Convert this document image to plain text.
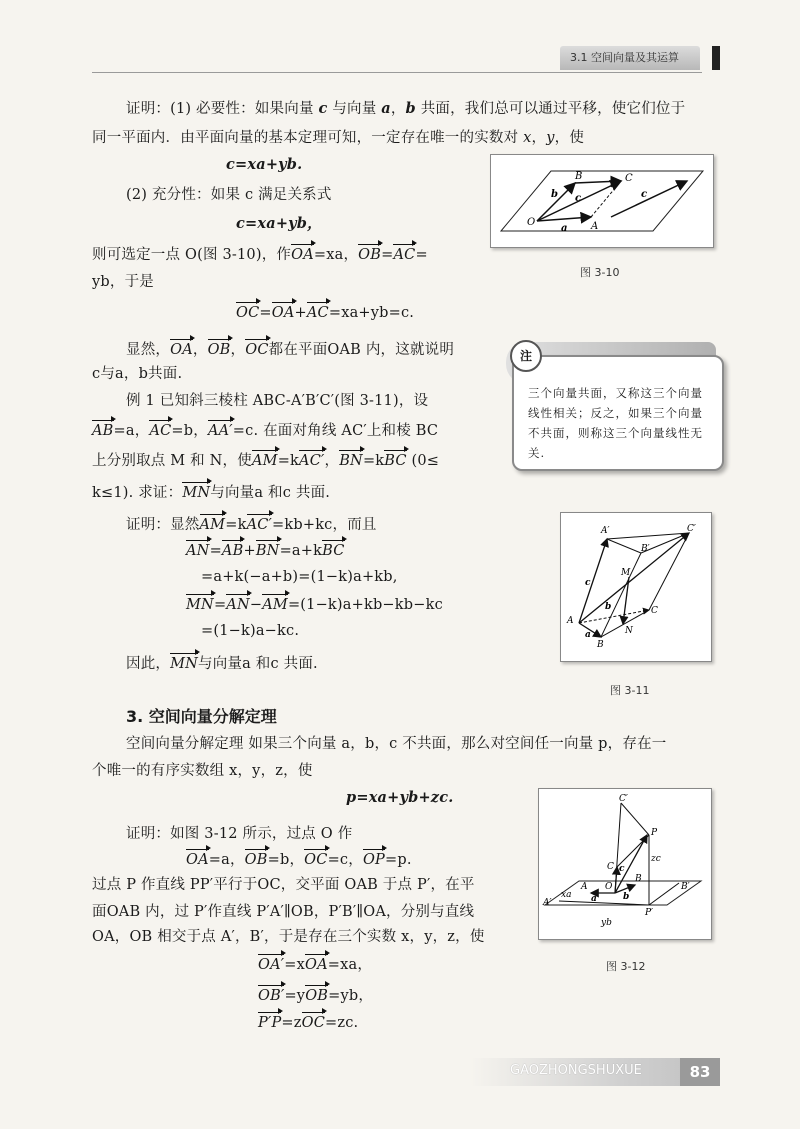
3.1 空间向量及其运算
证明：(1) 必要性：如果向量 c 与向量 a，b 共面，我们总可以通过平移，使它们位于
同一平面内．由平面向量的基本定理可知，一定存在唯一的实数对 x，y，使
c=xa+yb.
(2) 充分性：如果 c 满足关系式
c=xa+yb，
则可选定一点 O(图 3-10)，作OA=xa，OB=AC=
yb，于是
OC=OA+AC=xa+yb=c.
显然，OA，OB，OC都在平面OAB 内，这就说明
c与a，b共面.
例 1 已知斜三棱柱 ABC-A′B′C′(图 3-11)，设
AB=a，AC=b，AA′=c. 在面对角线 AC′上和棱 BC
上分别取点 M 和 N，使AM=kAC′，BN=kBC (0≤
k≤1). 求证：MN与向量a 和c 共面.
证明：显然AM=kAC′=kb+kc，而且
AN=AB+BN=a+kBC
=a+k(−a+b)=(1−k)a+kb,
MN=AN−AM=(1−k)a+kb−kb−kc
=(1−k)a−kc.
因此，MN与向量a 和c 共面.
3. 空间向量分解定理
空间向量分解定理 如果三个向量 a，b，c 不共面，那么对空间任一向量 p，存在一
个唯一的有序实数组 x，y，z，使
p=xa+yb+zc.
证明：如图 3-12 所示，过点 O 作
OA=a，OB=b，OC=c，OP=p.
过点 P 作直线 PP′平行于OC，交平面 OAB 于点 P′，在平
面OAB 内，过 P′作直线 P′A′∥OB，P′B′∥OA，分别与直线
OA，OB 相交于点 A′，B′，于是存在三个实数 x，y，z，使
OA′=xOA=xa，
OB′=yOB=yb，
P′P=zOC=zc.
B	C
b c	c
O
a A
图 3-10
注
三个向量共面，又称这三个向量线性相关；反之，如果三个向量不共面，则称这三个向量线性无关.
A′
B′
C′
M
c
b
A
a	N
C
B
图 3-11
C′
P
zc
C c
B
A O
A′
xa a	b
B′
P′
yb
图 3-12
GAOZHONGSHUXUE	83
